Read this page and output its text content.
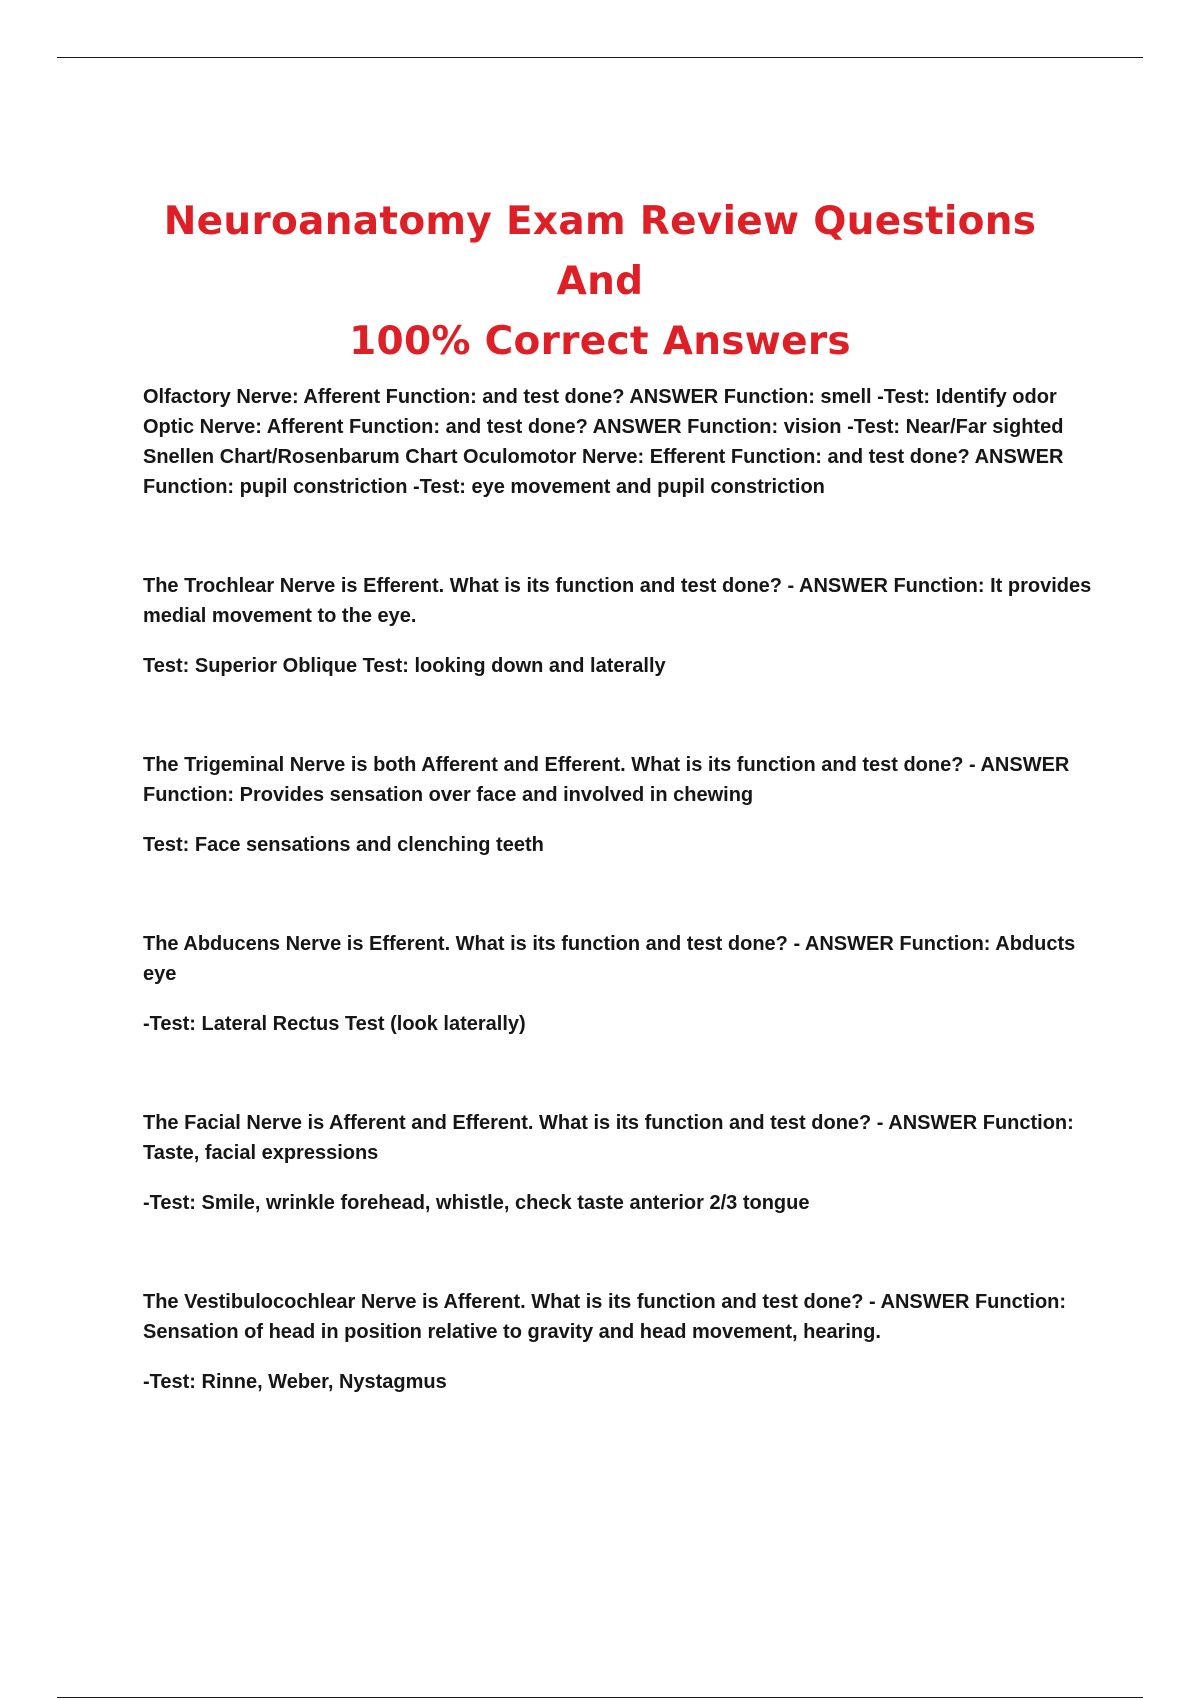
Neuroanatomy Exam Review Questions And
100% Correct Answers

Olfactory Nerve: Afferent Function: and test done? ANSWER Function: smell -Test: Identify odor Optic Nerve: Afferent Function: and test done? ANSWER Function: vision -Test: Near/Far sighted Snellen Chart/Rosenbarum Chart Oculomotor Nerve: Efferent Function: and test done? ANSWER Function: pupil constriction -Test: eye movement and pupil constriction

The Trochlear Nerve is Efferent. What is its function and test done? - ANSWER Function: It provides medial movement to the eye.

Test: Superior Oblique Test: looking down and laterally

The Trigeminal Nerve is both Afferent and Efferent. What is its function and test done? - ANSWER Function: Provides sensation over face and involved in chewing

Test: Face sensations and clenching teeth

The Abducens Nerve is Efferent. What is its function and test done? - ANSWER Function: Abducts eye

-Test: Lateral Rectus Test (look laterally)

The Facial Nerve is Afferent and Efferent. What is its function and test done? - ANSWER Function: Taste, facial expressions

-Test: Smile, wrinkle forehead, whistle, check taste anterior 2/3 tongue

The Vestibulocochlear Nerve is Afferent. What is its function and test done? - ANSWER Function: Sensation of head in position relative to gravity and head movement, hearing.

-Test: Rinne, Weber, Nystagmus
